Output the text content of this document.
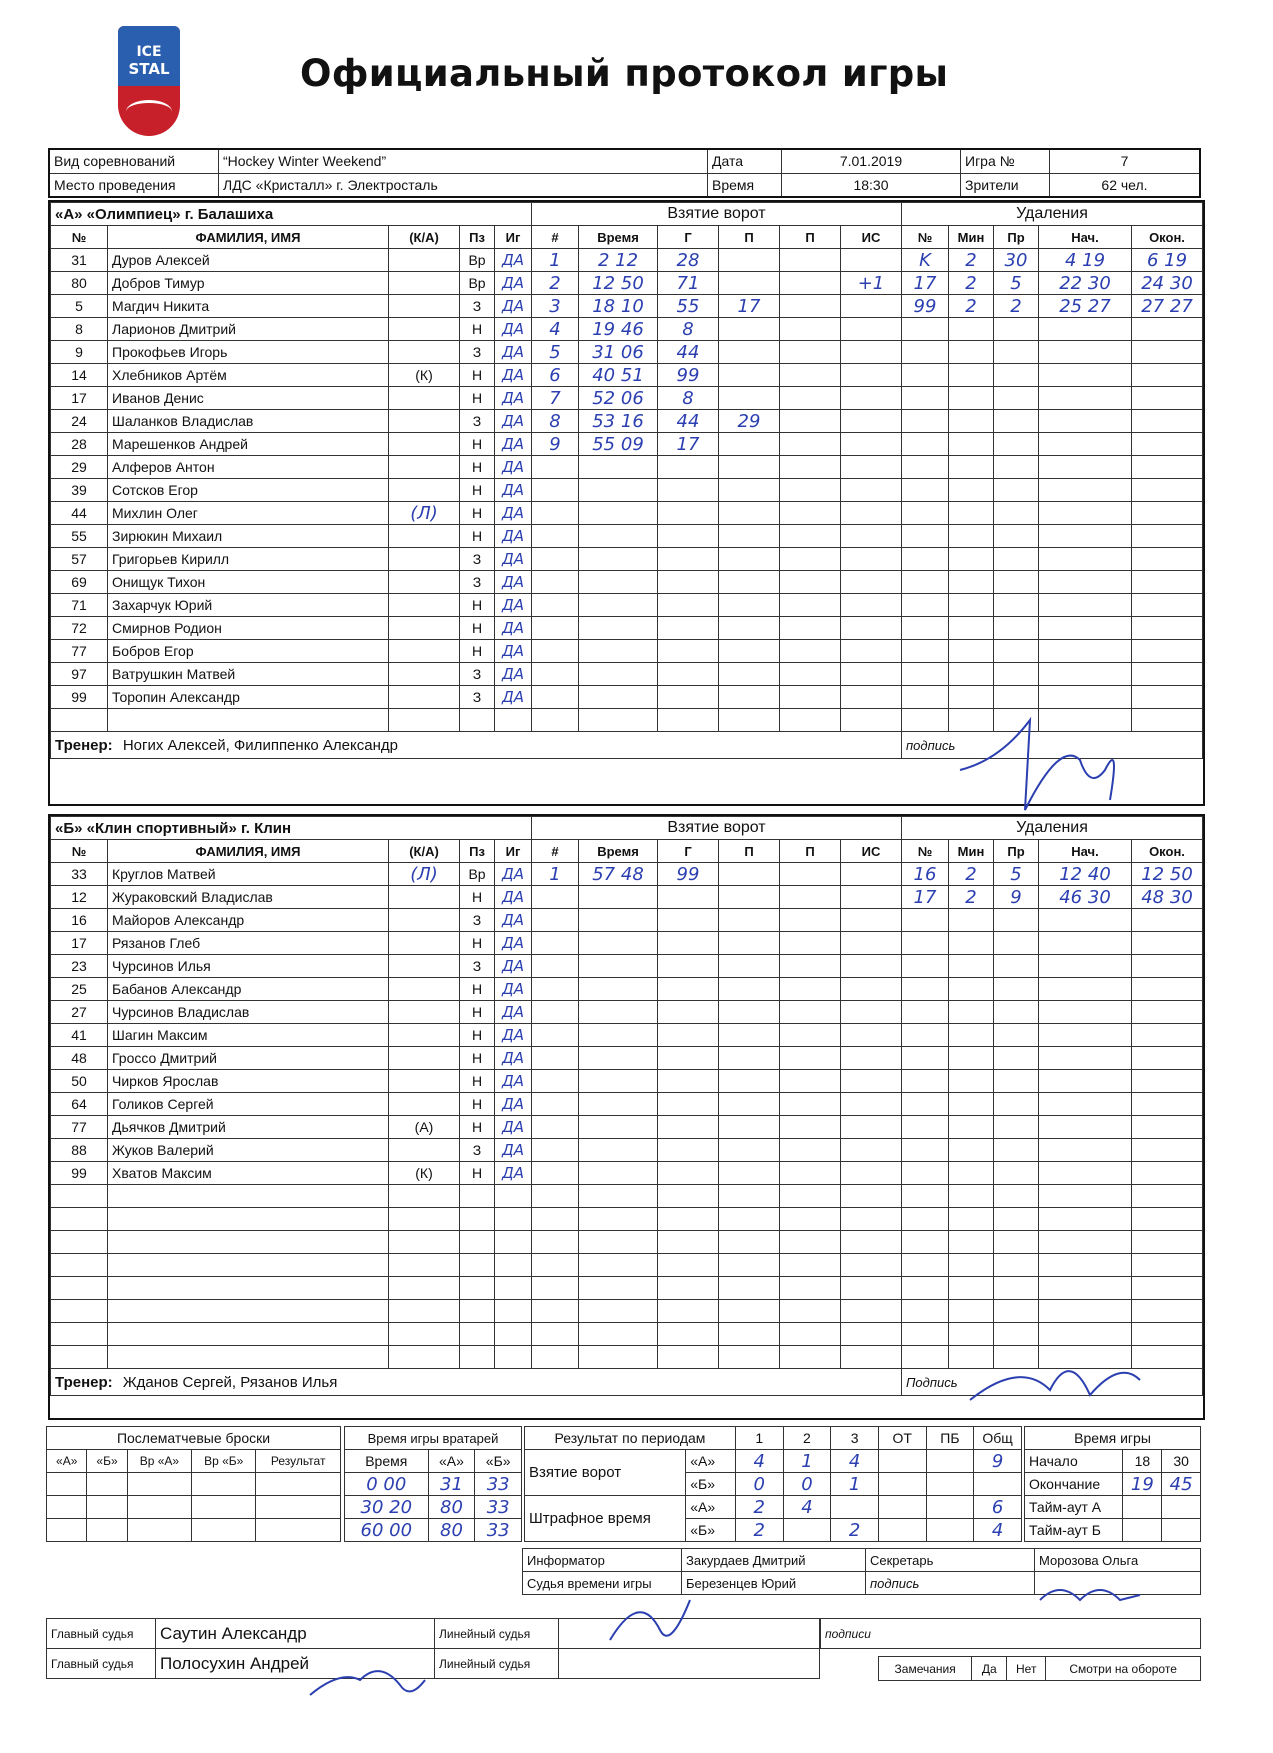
ICE
STAL	Официальный протокол игры
Вид соревнований	“Hockey Winter Weekend”	Дата	7.01.2019	Игра №	7
Место проведения	ЛДС «Кристалл» г. Электросталь	Время	18:30	Зрители	62 чел.
«А» «Олимпиец» г. Балашиха					Взятие ворот						Удаления				
№	ФАМИЛИЯ, ИМЯ	(К/А)	Пз	Иг	#	Время	Г	П	П	ИС	№	Мин	Пр	Нач.	Окон.
31	Дуров Алексей		Вр	ДА	1	2 12	28				K	2	30	4 19	6 19
80	Добров Тимур		Вр	ДА	2	12 50	71			+1	17	2	5	22 30	24 30
5	Магдич Никита		З	ДА	3	18 10	55	17			99	2	2	25 27	27 27
8	Ларионов Дмитрий		Н	ДА	4	19 46	8								
9	Прокофьев Игорь		З	ДА	5	31 06	44								
14	Хлебников Артём	(К)	Н	ДА	6	40 51	99								
17	Иванов Денис		Н	ДА	7	52 06	8								
24	Шаланков Владислав		З	ДА	8	53 16	44	29							
28	Марешенков Андрей		Н	ДА	9	55 09	17								
29	Алферов Антон		Н	ДА											
39	Сотсков Егор		Н	ДА											
44	Михлин Олег	(Л)	Н	ДА											
55	Зирюкин Михаил		Н	ДА											
57	Григорьев Кирилл		З	ДА											
69	Онищук Тихон		З	ДА											
71	Захарчук Юрий		Н	ДА											
72	Смирнов Родион		Н	ДА											
77	Бобров Егор		Н	ДА											
97	Ватрушкин Матвей		З	ДА											
99	Торопин Александр		З	ДА											

Тренер: Ногих Алексей, Филиппенко Александр											подпись				
«Б» «Клин спортивный» г. Клин					Взятие ворот						Удаления				
№	ФАМИЛИЯ, ИМЯ	(К/А)	Пз	Иг	#	Время	Г	П	П	ИС	№	Мин	Пр	Нач.	Окон.
33	Круглов Матвей	(Л)	Вр	ДА	1	57 48	99				16	2	5	12 40	12 50
12	Жураковский Владислав		Н	ДА							17	2	9	46 30	48 30
16	Майоров Александр		З	ДА											
17	Рязанов Глеб		Н	ДА											
23	Чурсинов Илья		З	ДА											
25	Бабанов Александр		Н	ДА											
27	Чурсинов Владислав		Н	ДА											
41	Шагин Максим		Н	ДА											
48	Гроссо Дмитрий		Н	ДА											
50	Чирков Ярослав		Н	ДА											
64	Голиков Сергей		Н	ДА											
77	Дьячков Дмитрий	(А)	Н	ДА											
88	Жуков Валерий		З	ДА											
99	Хватов Максим	(К)	Н	ДА											

Тренер: Жданов Сергей, Рязанов Илья											Подпись				
Послематчевые броски				
«А»	«Б»	Вр «А»	Вр «Б»	Результат

Время игры вратарей		
Время	«А»	«Б»
0 00	31	33
30 20	80	33
60 00	80	33
Результат по периодам		1	2	3	ОТ	ПБ	Общ
Взятие ворот	«А»	4	1	4			9
	«Б»	0	0	1			
Штрафное время	«А»	2	4				6
	«Б»	2		2			4
Время игры		
Начало	18	30
Окончание	19	45
Тайм-аут А		
Тайм-аут Б		
Информатор	Закурдаев Дмитрий	Секретарь	Морозова Ольга
Судья времени игры	Березенцев Юрий	подпись	
Главный судья	Саутин Александр	Линейный судья	
Главный судья	Полосухин Андрей	Линейный судья	
подписи
Замечания	Да	Нет	Смотри на обороте
